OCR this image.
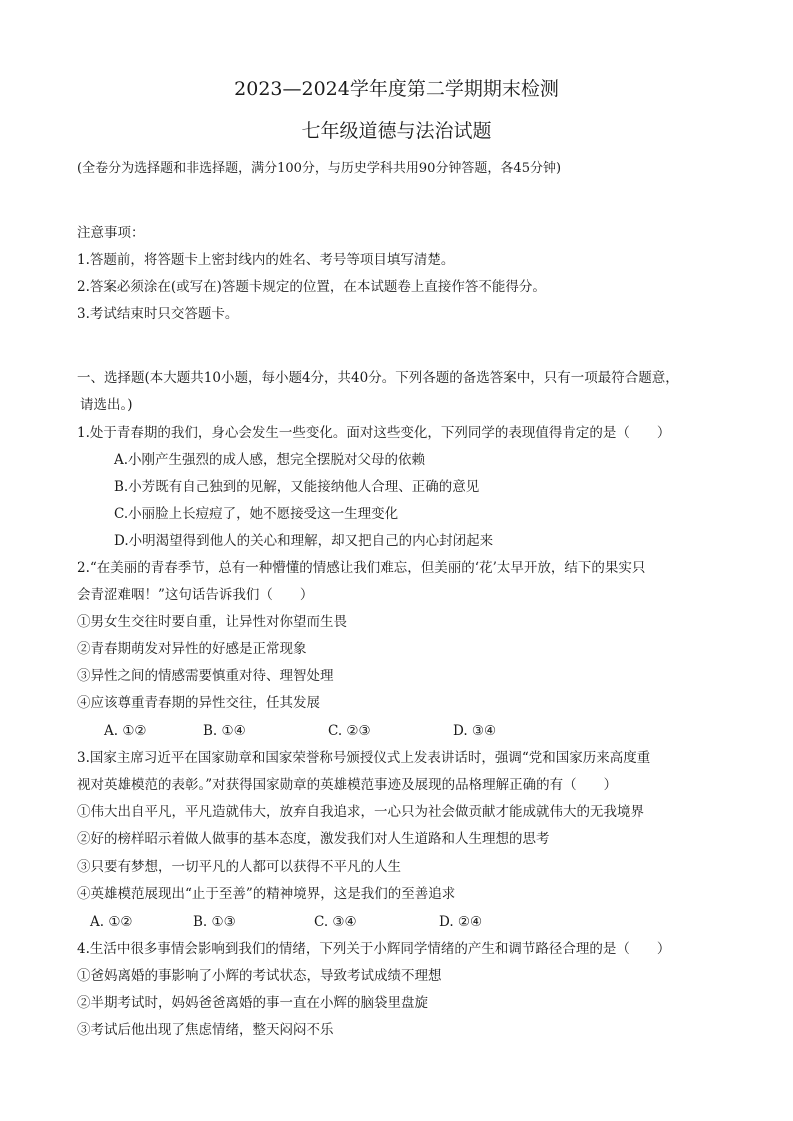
2023—2024学年度第二学期期末检测
七年级道德与法治试题
(全卷分为选择题和非选择题，满分100分，与历史学科共用90分钟答题，各45分钟)
注意事项：
1.答题前，将答题卡上密封线内的姓名、考号等项目填写清楚。
2.答案必须涂在(或写在)答题卡规定的位置，在本试题卷上直接作答不能得分。
3.考试结束时只交答题卡。
一、选择题(本大题共10小题，每小题4分，共40分。下列各题的备选答案中，只有一项最符合题意，
请选出。)
1.处于青春期的我们，身心会发生一些变化。面对这些变化，下列同学的表现值得肯定的是（　　）
A.小刚产生强烈的成人感，想完全摆脱对父母的依赖
B.小芳既有自己独到的见解，又能接纳他人合理、正确的意见
C.小丽脸上长痘痘了，她不愿接受这一生理变化
D.小明渴望得到他人的关心和理解，却又把自己的内心封闭起来
2.“在美丽的青春季节，总有一种懵懂的情感让我们难忘，但美丽的‘花’太早开放，结下的果实只
会青涩难咽！”这句话告诉我们（　　）
①男女生交往时要自重，让异性对你望而生畏
②青春期萌发对异性的好感是正常现象
③异性之间的情感需要慎重对待、理智处理
④应该尊重青春期的异性交往，任其发展
A. ①②	B. ①④	C. ②③	D. ③④
3.国家主席习近平在国家勋章和国家荣誉称号颁授仪式上发表讲话时，强调“党和国家历来高度重
视对英雄模范的表彰。”对获得国家勋章的英雄模范事迹及展现的品格理解正确的有（　　）
①伟大出自平凡，平凡造就伟大，放弃自我追求，一心只为社会做贡献才能成就伟大的无我境界
②好的榜样昭示着做人做事的基本态度，激发我们对人生道路和人生理想的思考
③只要有梦想，一切平凡的人都可以获得不平凡的人生
④英雄模范展现出“止于至善”的精神境界，这是我们的至善追求
A. ①②	B. ①③	C. ③④	D. ②④
4.生活中很多事情会影响到我们的情绪，下列关于小辉同学情绪的产生和调节路径合理的是（　　）
①爸妈离婚的事影响了小辉的考试状态，导致考试成绩不理想
②半期考试时，妈妈爸爸离婚的事一直在小辉的脑袋里盘旋
③考试后他出现了焦虑情绪，整天闷闷不乐
